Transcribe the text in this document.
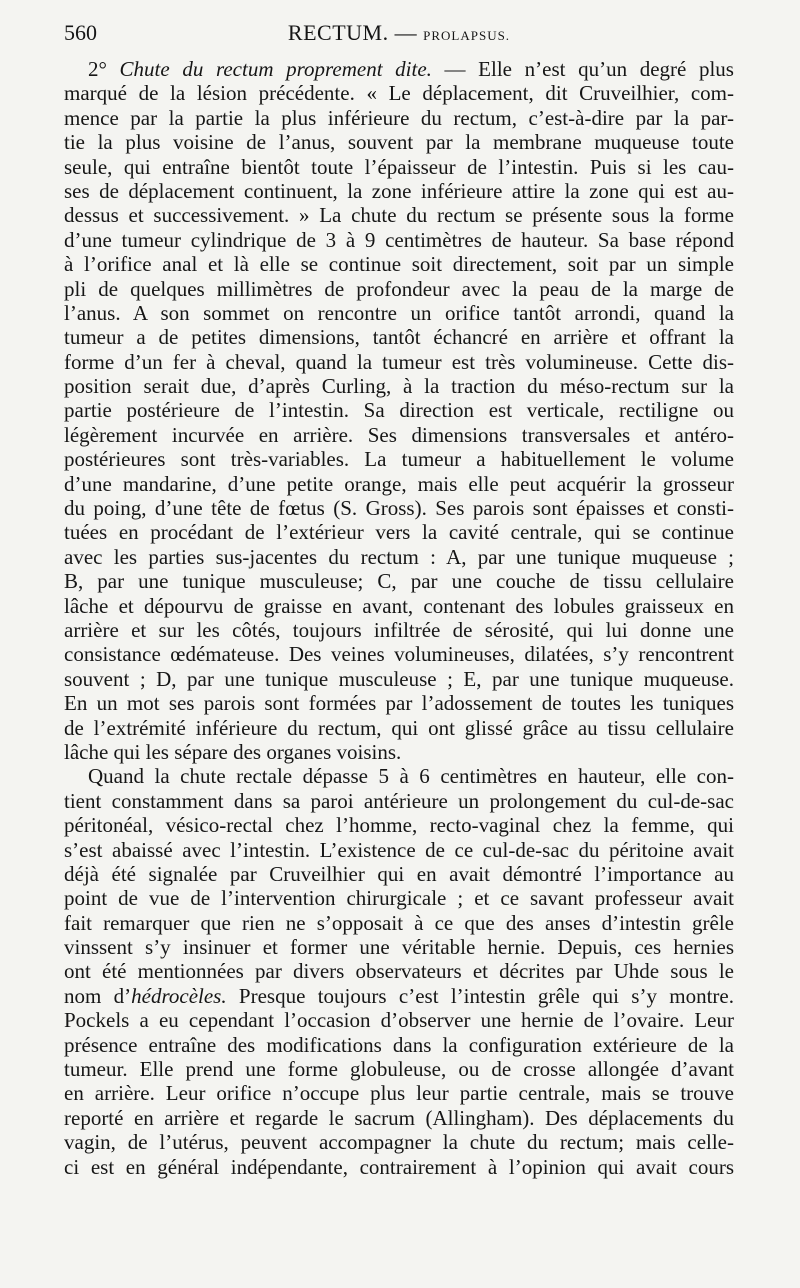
560	RECTUM. — PROLAPSUS.
2° Chute du rectum proprement dite. — Elle n’est qu’un degré plus
marqué de la lésion précédente. « Le déplacement, dit Cruveilhier, com-
mence par la partie la plus inférieure du rectum, c’est-à-dire par la par-
tie la plus voisine de l’anus, souvent par la membrane muqueuse toute
seule, qui entraîne bientôt toute l’épaisseur de l’intestin. Puis si les cau-
ses de déplacement continuent, la zone inférieure attire la zone qui est au-
dessus et successivement. » La chute du rectum se présente sous la forme
d’une tumeur cylindrique de 3 à 9 centimètres de hauteur. Sa base répond
à l’orifice anal et là elle se continue soit directement, soit par un simple
pli de quelques millimètres de profondeur avec la peau de la marge de
l’anus. A son sommet on rencontre un orifice tantôt arrondi, quand la
tumeur a de petites dimensions, tantôt échancré en arrière et offrant la
forme d’un fer à cheval, quand la tumeur est très volumineuse. Cette dis-
position serait due, d’après Curling, à la traction du méso-rectum sur la
partie postérieure de l’intestin. Sa direction est verticale, rectiligne ou
légèrement incurvée en arrière. Ses dimensions transversales et antéro-
postérieures sont très-variables. La tumeur a habituellement le volume
d’une mandarine, d’une petite orange, mais elle peut acquérir la grosseur
du poing, d’une tête de fœtus (S. Gross). Ses parois sont épaisses et consti-
tuées en procédant de l’extérieur vers la cavité centrale, qui se continue
avec les parties sus-jacentes du rectum : A, par une tunique muqueuse ;
B, par une tunique musculeuse; C, par une couche de tissu cellulaire
lâche et dépourvu de graisse en avant, contenant des lobules graisseux en
arrière et sur les côtés, toujours infiltrée de sérosité, qui lui donne une
consistance œdémateuse. Des veines volumineuses, dilatées, s’y rencontrent
souvent ; D, par une tunique musculeuse ; E, par une tunique muqueuse.
En un mot ses parois sont formées par l’adossement de toutes les tuniques
de l’extrémité inférieure du rectum, qui ont glissé grâce au tissu cellulaire
lâche qui les sépare des organes voisins.
Quand la chute rectale dépasse 5 à 6 centimètres en hauteur, elle con-
tient constamment dans sa paroi antérieure un prolongement du cul-de-sac
péritonéal, vésico-rectal chez l’homme, recto-vaginal chez la femme, qui
s’est abaissé avec l’intestin. L’existence de ce cul-de-sac du péritoine avait
déjà été signalée par Cruveilhier qui en avait démontré l’importance au
point de vue de l’intervention chirurgicale ; et ce savant professeur avait
fait remarquer que rien ne s’opposait à ce que des anses d’intestin grêle
vinssent s’y insinuer et former une véritable hernie. Depuis, ces hernies
ont été mentionnées par divers observateurs et décrites par Uhde sous le
nom d’hédrocèles. Presque toujours c’est l’intestin grêle qui s’y montre.
Pockels a eu cependant l’occasion d’observer une hernie de l’ovaire. Leur
présence entraîne des modifications dans la configuration extérieure de la
tumeur. Elle prend une forme globuleuse, ou de crosse allongée d’avant
en arrière. Leur orifice n’occupe plus leur partie centrale, mais se trouve
reporté en arrière et regarde le sacrum (Allingham). Des déplacements du
vagin, de l’utérus, peuvent accompagner la chute du rectum; mais celle-
ci est en général indépendante, contrairement à l’opinion qui avait cours
